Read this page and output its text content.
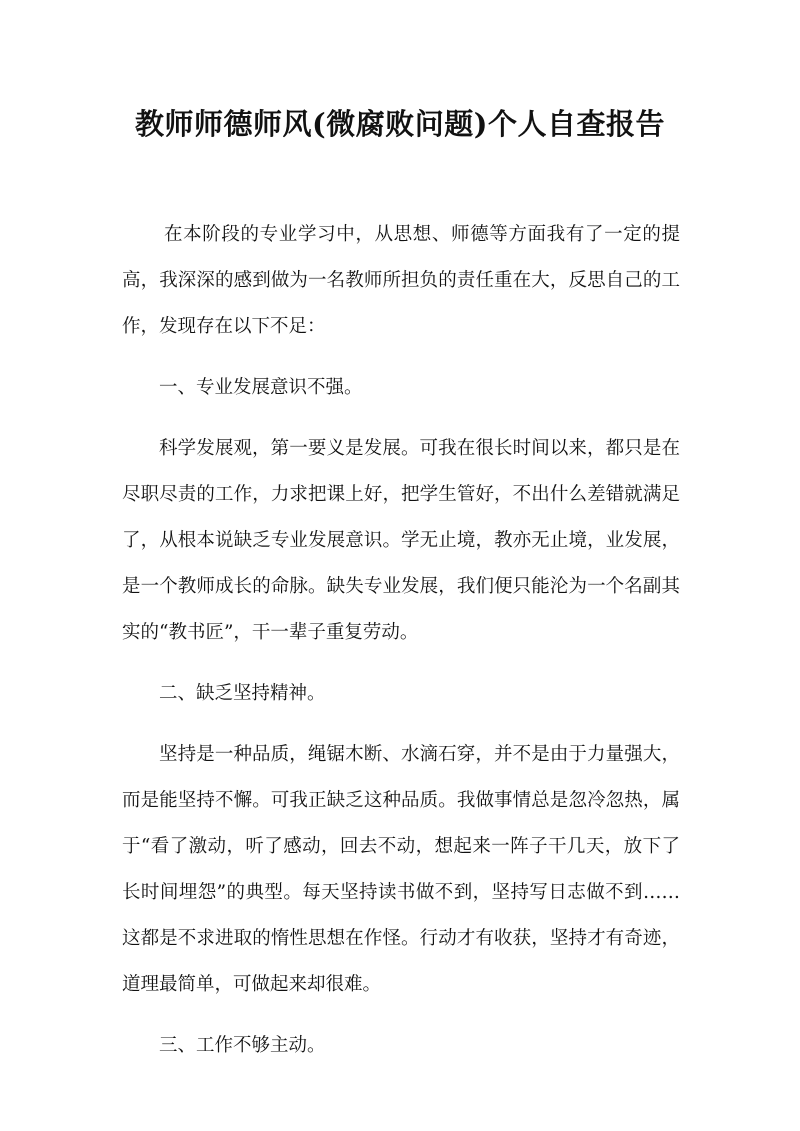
教师师德师风(微腐败问题)个人自查报告

在本阶段的专业学习中，从思想、师德等方面我有了一定的提高，我深深的感到做为一名教师所担负的责任重在大，反思自己的工作，发现存在以下不足：

一、专业发展意识不强。

科学发展观，第一要义是发展。可我在很长时间以来，都只是在尽职尽责的工作，力求把课上好，把学生管好，不出什么差错就满足了，从根本说缺乏专业发展意识。学无止境，教亦无止境，业发展，是一个教师成长的命脉。缺失专业发展，我们便只能沦为一个名副其实的“教书匠”，干一辈子重复劳动。

二、缺乏坚持精神。

坚持是一种品质，绳锯木断、水滴石穿，并不是由于力量强大，而是能坚持不懈。可我正缺乏这种品质。我做事情总是忽冷忽热，属于“看了激动，听了感动，回去不动，想起来一阵子干几天，放下了长时间埋怨”的典型。每天坚持读书做不到，坚持写日志做不到……这都是不求进取的惰性思想在作怪。行动才有收获，坚持才有奇迹，道理最简单，可做起来却很难。

三、工作不够主动。
